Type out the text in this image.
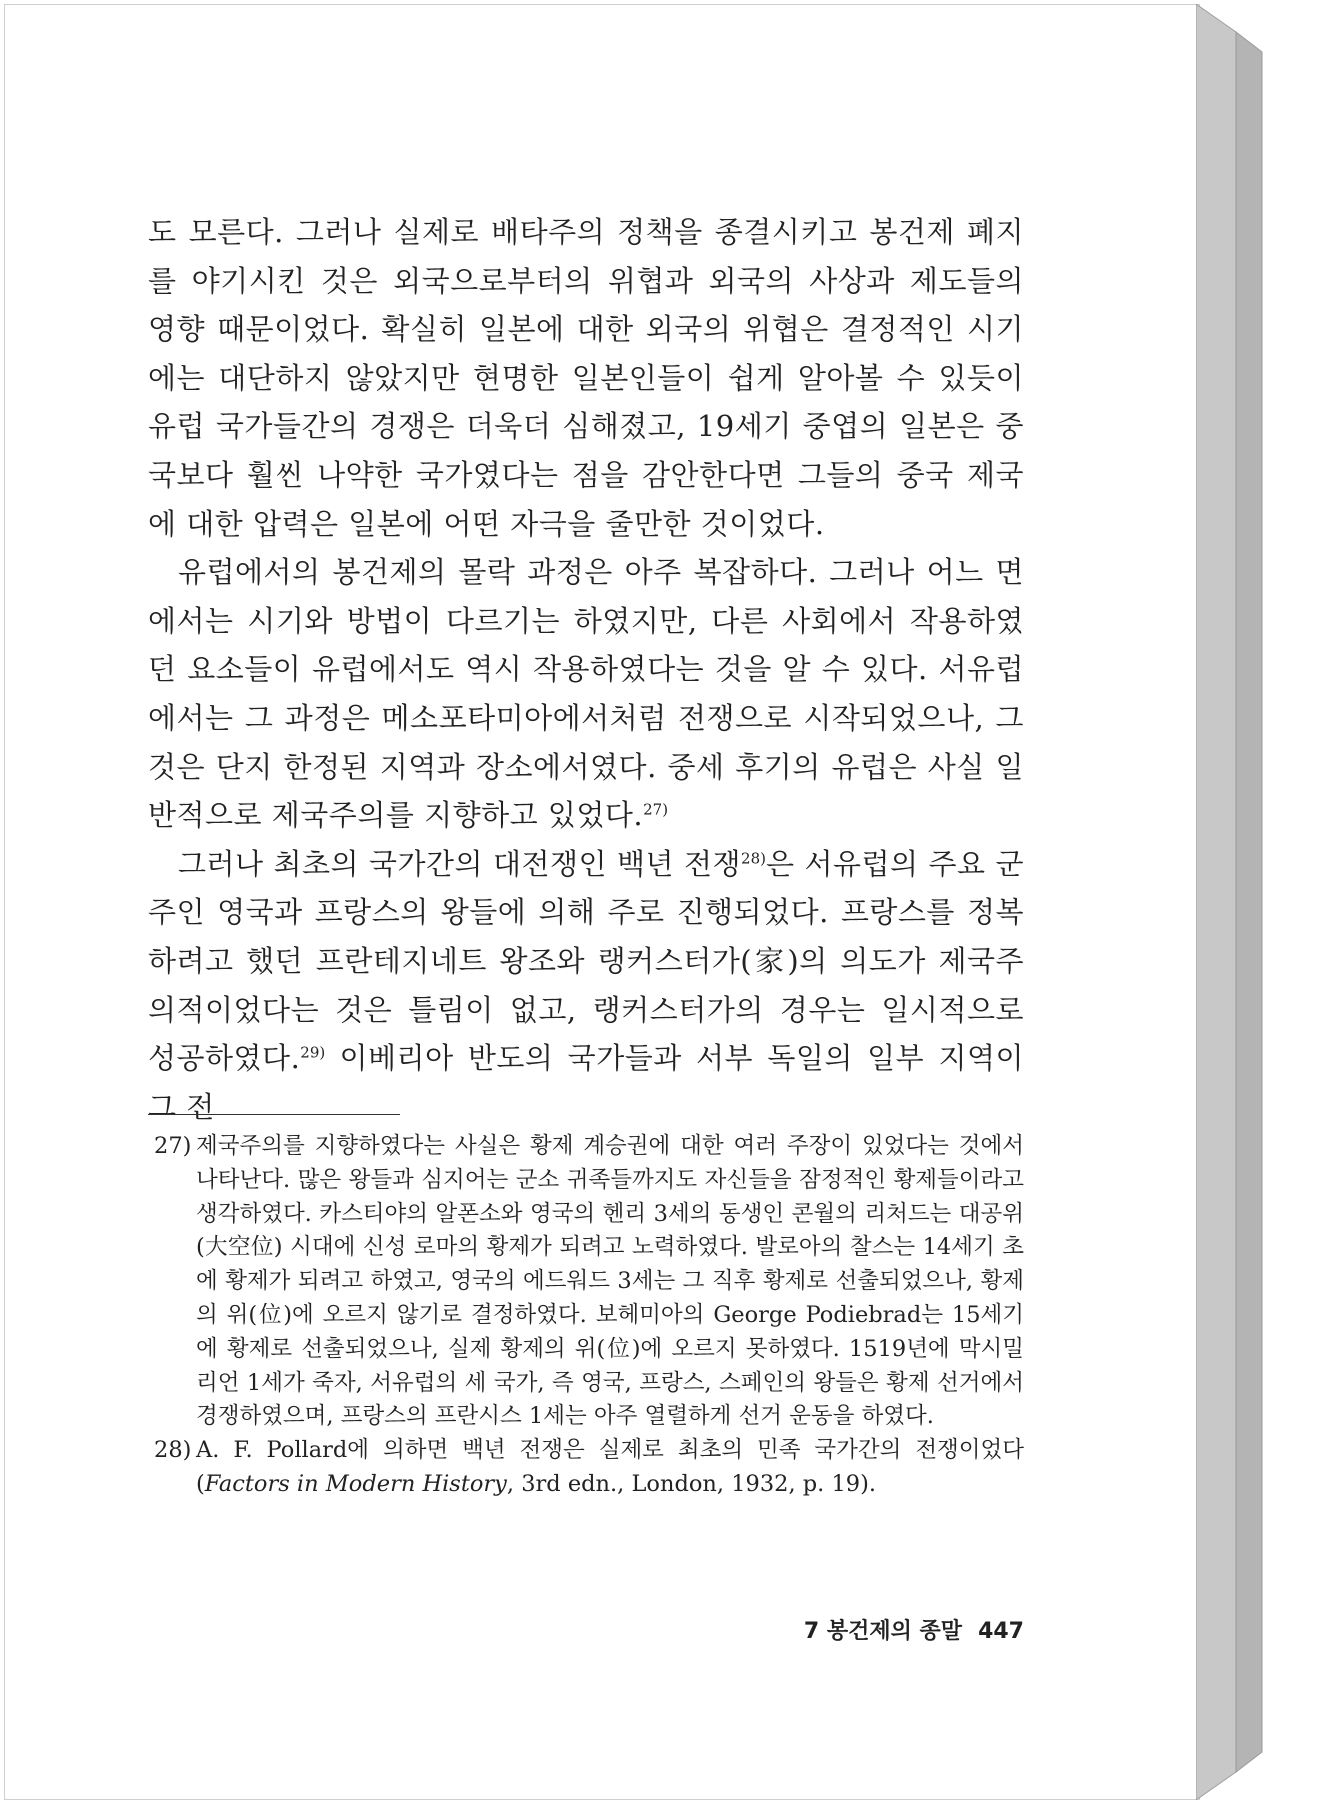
도 모른다. 그러나 실제로 배타주의 정책을 종결시키고 봉건제 폐지를 야기시킨 것은 외국으로부터의 위협과 외국의 사상과 제도들의 영향 때문이었다. 확실히 일본에 대한 외국의 위협은 결정적인 시기에는 대단하지 않았지만 현명한 일본인들이 쉽게 알아볼 수 있듯이 유럽 국가들간의 경쟁은 더욱더 심해졌고, 19세기 중엽의 일본은 중국보다 훨씬 나약한 국가였다는 점을 감안한다면 그들의 중국 제국에 대한 압력은 일본에 어떤 자극을 줄만한 것이었다.

유럽에서의 봉건제의 몰락 과정은 아주 복잡하다. 그러나 어느 면에서는 시기와 방법이 다르기는 하였지만, 다른 사회에서 작용하였던 요소들이 유럽에서도 역시 작용하였다는 것을 알 수 있다. 서유럽에서는 그 과정은 메소포타미아에서처럼 전쟁으로 시작되었으나, 그것은 단지 한정된 지역과 장소에서였다. 중세 후기의 유럽은 사실 일반적으로 제국주의를 지향하고 있었다.$^{27)}$

그러나 최초의 국가간의 대전쟁인 백년 전쟁$^{28)}$은 서유럽의 주요 군주인 영국과 프랑스의 왕들에 의해 주로 진행되었다. 프랑스를 정복하려고 했던 프란테지네트 왕조와 랭커스터가(家)의 의도가 제국주의적이었다는 것은 틀림이 없고, 랭커스터가의 경우는 일시적으로 성공하였다.$^{29)}$ 이베리아 반도의 국가들과 서부 독일의 일부 지역이 그 전

27) 제국주의를 지향하였다는 사실은 황제 계승권에 대한 여러 주장이 있었다는 것에서 나타난다. 많은 왕들과 심지어는 군소 귀족들까지도 자신들을 잠정적인 황제들이라고 생각하였다. 카스티야의 알폰소와 영국의 헨리 3세의 동생인 콘월의 리처드는 대공위(大空位) 시대에 신성 로마의 황제가 되려고 노력하였다. 발로아의 찰스는 14세기 초에 황제가 되려고 하였고, 영국의 에드워드 3세는 그 직후 황제로 선출되었으나, 황제의 위(位)에 오르지 않기로 결정하였다. 보헤미아의 George Podiebrad는 15세기에 황제로 선출되었으나, 실제 황제의 위(位)에 오르지 못하였다. 1519년에 막시밀리언 1세가 죽자, 서유럽의 세 국가, 즉 영국, 프랑스, 스페인의 왕들은 황제 선거에서 경쟁하였으며, 프랑스의 프란시스 1세는 아주 열렬하게 선거 운동을 하였다.
28) A. F. Pollard에 의하면 백년 전쟁은 실제로 최초의 민족 국가간의 전쟁이었다(Factors in Modern History, 3rd edn., London, 1932, p. 19).
7 봉건제의 종말 447
